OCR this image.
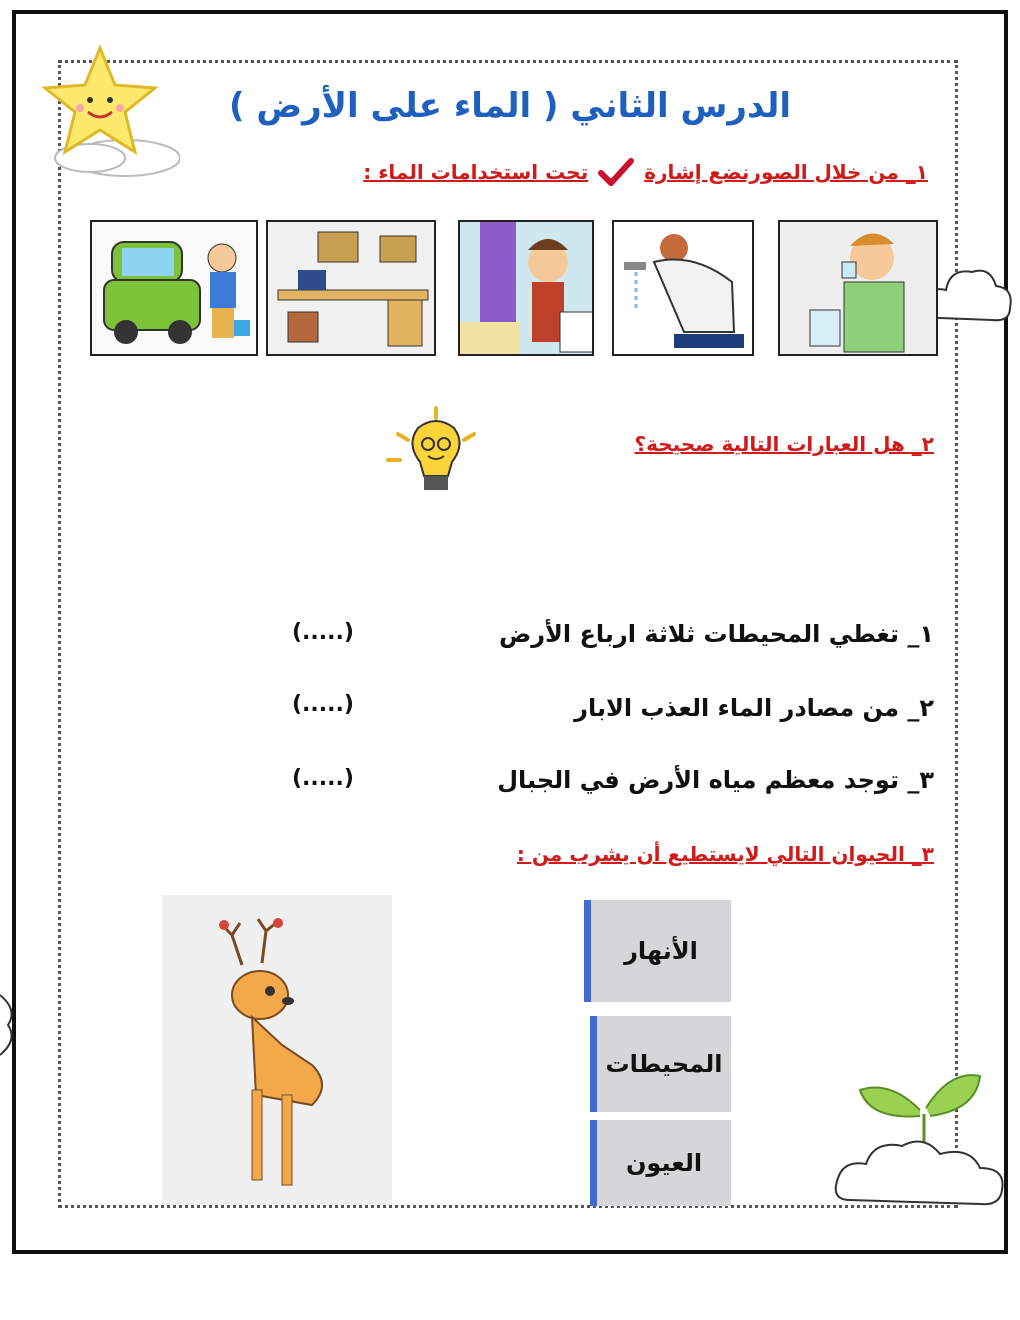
الدرس الثاني ( الماء على الأرض )
١_ من خلال الصورنضع إشارة
تحت استخدامات الماء :
٢_ هل العبارات التالية صحيحة؟
١_ تغطي المحيطات ثلاثة ارباع الأرض
(.....)
٢_ من مصادر الماء العذب الابار
(.....)
٣_ توجد معظم مياه الأرض في الجبال
(.....)
٣_ الحيوان التالي لايستطيع أن يشرب من :
الأنهار
المحيطات
العيون
